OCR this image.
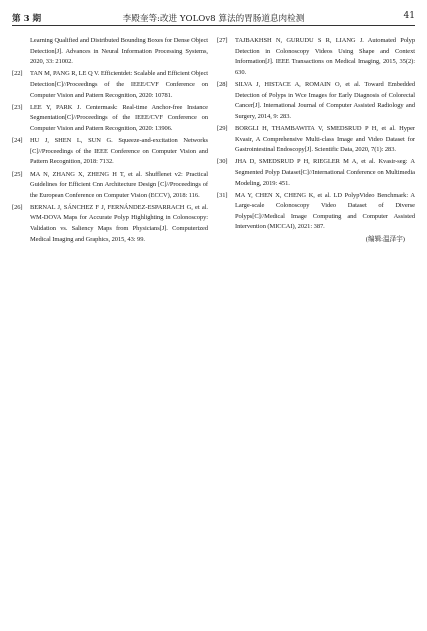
第 3 期	李殿奎等:改进 YOLOv8 算法的胃肠道息肉检测	41
Learning Qualified and Distributed Bounding Boxes for Dense Object Detection[J]. Advances in Neural Information Processing Systems, 2020, 33: 21002.
[22] TAN M, PANG R, LE Q V. Efficientdet: Scalable and Efficient Object Detection[C]//Proceedings of the IEEE/CVF Conference on Computer Vision and Pattern Recognition, 2020: 10781.
[23] LEE Y, PARK J. Centermask: Real-time Anchor-free Instance Segmentation[C]//Proceedings of the IEEE/CVF Conference on Computer Vision and Pattern Recognition, 2020: 13906.
[24] HU J, SHEN L, SUN G. Squeeze-and-excitation Networks [C]//Proceedings of the IEEE Conference on Computer Vision and Pattern Recognition, 2018: 7132.
[25] MA N, ZHANG X, ZHENG H T, et al. Shufflenet v2: Practical Guidelines for Efficient Cnn Architecture Design [C]//Proceedings of the European Conference on Computer Vision (ECCV), 2018: 116.
[26] BERNAL J, SÁNCHEZ F J, FERNÁNDEZ-ESPARRACH G, et al. WM-DOVA Maps for Accurate Polyp Highlighting in Colonoscopy: Validation vs. Saliency Maps from Physicians[J]. Computerized Medical Imaging and Graphics, 2015, 43: 99.
[27] TAJBAKHSH N, GURUDU S R, LIANG J. Automated Polyp Detection in Colonoscopy Videos Using Shape and Context Information[J]. IEEE Transactions on Medical Imaging, 2015, 35(2): 630.
[28] SILVA J, HISTACE A, ROMAIN O, et al. Toward Embedded Detection of Polyps in Wce Images for Early Diagnosis of Colorectal Cancer[J]. International Journal of Computer Assisted Radiology and Surgery, 2014, 9: 283.
[29] BORGLI H, THAMBAWITA V, SMEDSRUD P H, et al. Hyper Kvasir, A Comprehensive Multi-class Image and Video Dataset for Gastrointestinal Endoscopy[J]. Scientific Data, 2020, 7(1): 283.
[30] JHA D, SMEDSRUD P H, RIEGLER M A, et al. Kvasir-seg: A Segmented Polyp Dataset[C]//International Conference on Multimedia Modeling, 2019: 451.
[31] MA Y, CHEN X, CHENG K, et al. LD PolypVideo Benchmark: A Large-scale Colonoscopy Video Dataset of Diverse Polyps[C]//Medical Image Computing and Computer Assisted Intervention (MICCAI), 2021: 387.
(编辑:温泽宇)
